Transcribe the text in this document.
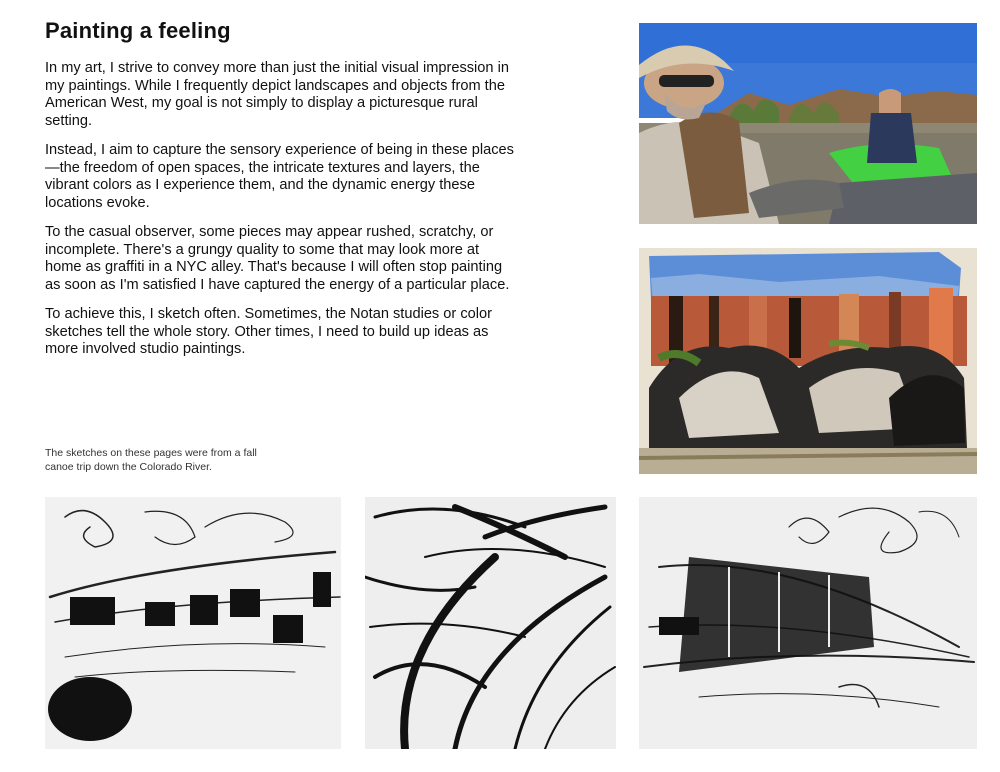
Painting a feeling

In my art, I strive to convey more than just the initial visual impression in my paintings. While I frequently depict landscapes and objects from the American West, my goal is not simply to display a picturesque rural setting.

Instead, I aim to capture the sensory experience of being in these places—the freedom of open spaces, the intricate textures and layers, the vibrant colors as I experience them, and the dynamic energy these locations evoke.

To the casual observer, some pieces may appear rushed, scratchy, or incomplete. There's a grungy quality to some that may look more at home as graffiti in a NYC alley. That's because I will often stop painting as soon as I'm satisfied I have captured the energy of a particular place.

To achieve this, I sketch often. Sometimes, the Notan studies or color sketches tell the whole story. Other times, I need to build up ideas as more involved studio paintings.

The sketches on these pages were from a fall canoe trip down the Colorado River.
